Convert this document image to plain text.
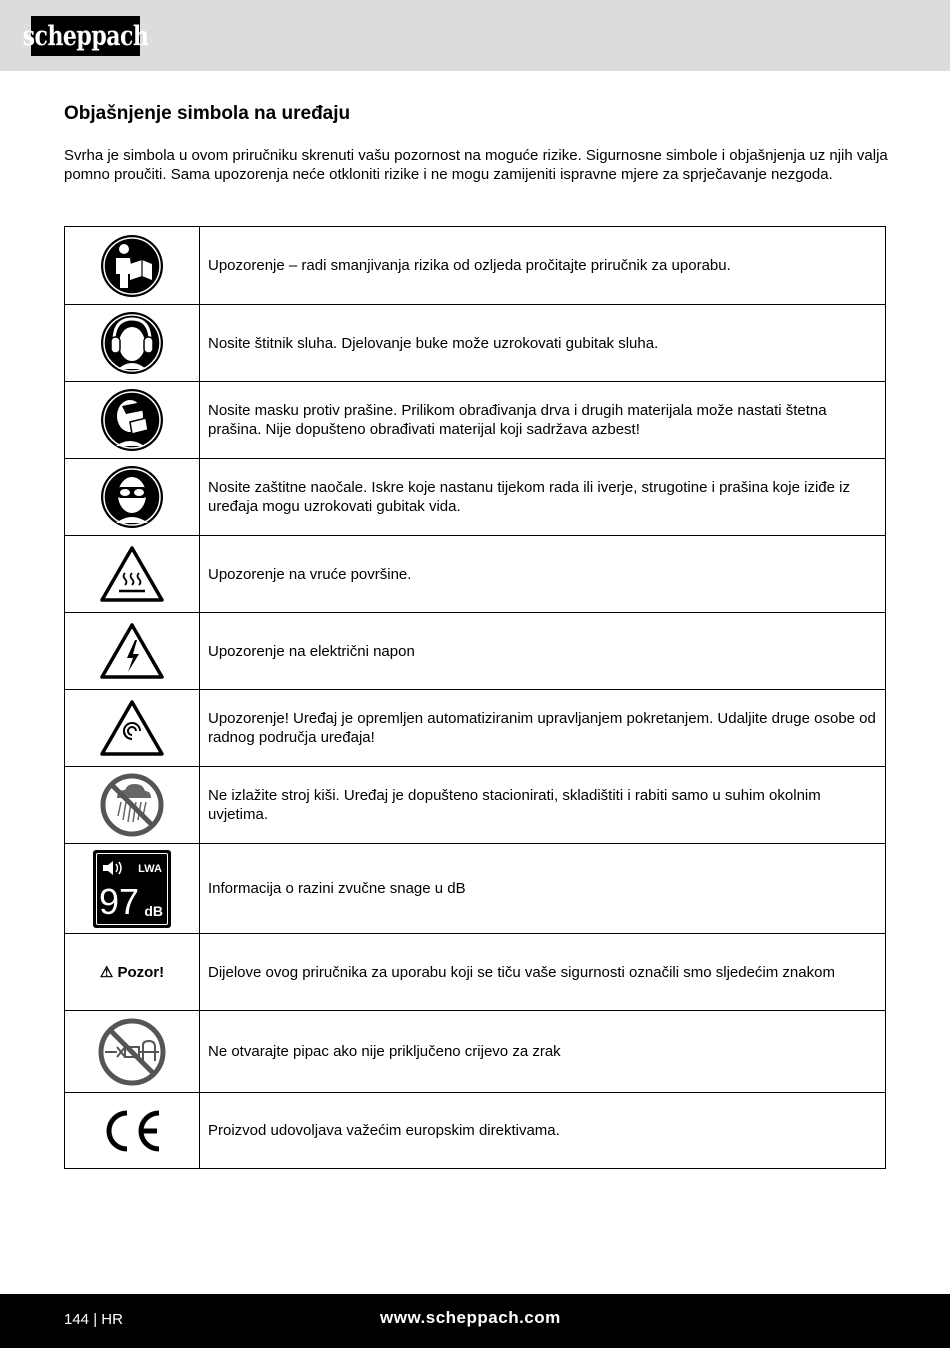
scheppach
Objašnjenje simbola na uređaju

Svrha je simbola u ovom priručniku skrenuti vašu pozornost na moguće rizike. Sigurnosne simbole i objašnjenja uz njih valja pomno proučiti. Sama upozorenja neće otkloniti rizike i ne mogu zamijeniti ispravne mjere za sprječavanje nezgoda.

	Upozorenje – radi smanjivanja rizika od ozljeda pročitajte priručnik za uporabu.

	Nosite štitnik sluha. Djelovanje buke može uzrokovati gubitak sluha.

	Nosite masku protiv prašine. Prilikom obrađivanja drva i drugih materijala može nastati štetna prašina. Nije dopušteno obrađivati materijal koji sadržava azbest!

	Nosite zaštitne naočale. Iskre koje nastanu tijekom rada ili iverje, strugotine i prašina koje iziđe iz uređaja mogu uzrokovati gubitak vida.

	Upozorenje na vruće površine.

	Upozorenje na električni napon

	Upozorenje! Uređaj je opremljen automatiziranim upravljanjem pokretanjem. Udaljite druge osobe od radnog područja uređaja!

	Ne izlažite stroj kiši. Uređaj je dopušteno stacionirati, skladištiti i rabiti samo u suhim okolnim uvjetima.

LWA
97 dB	Informacija o razini zvučne snage u dB
⚠ Pozor!	Dijelove ovog priručnika za uporabu koji se tiču vaše sigurnosti označili smo sljedećim znakom

	Ne otvarajte pipac ako nije priključeno crijevo za zrak

	Proizvod udovoljava važećim europskim direktivama.
144 | HR	www.scheppach.com
